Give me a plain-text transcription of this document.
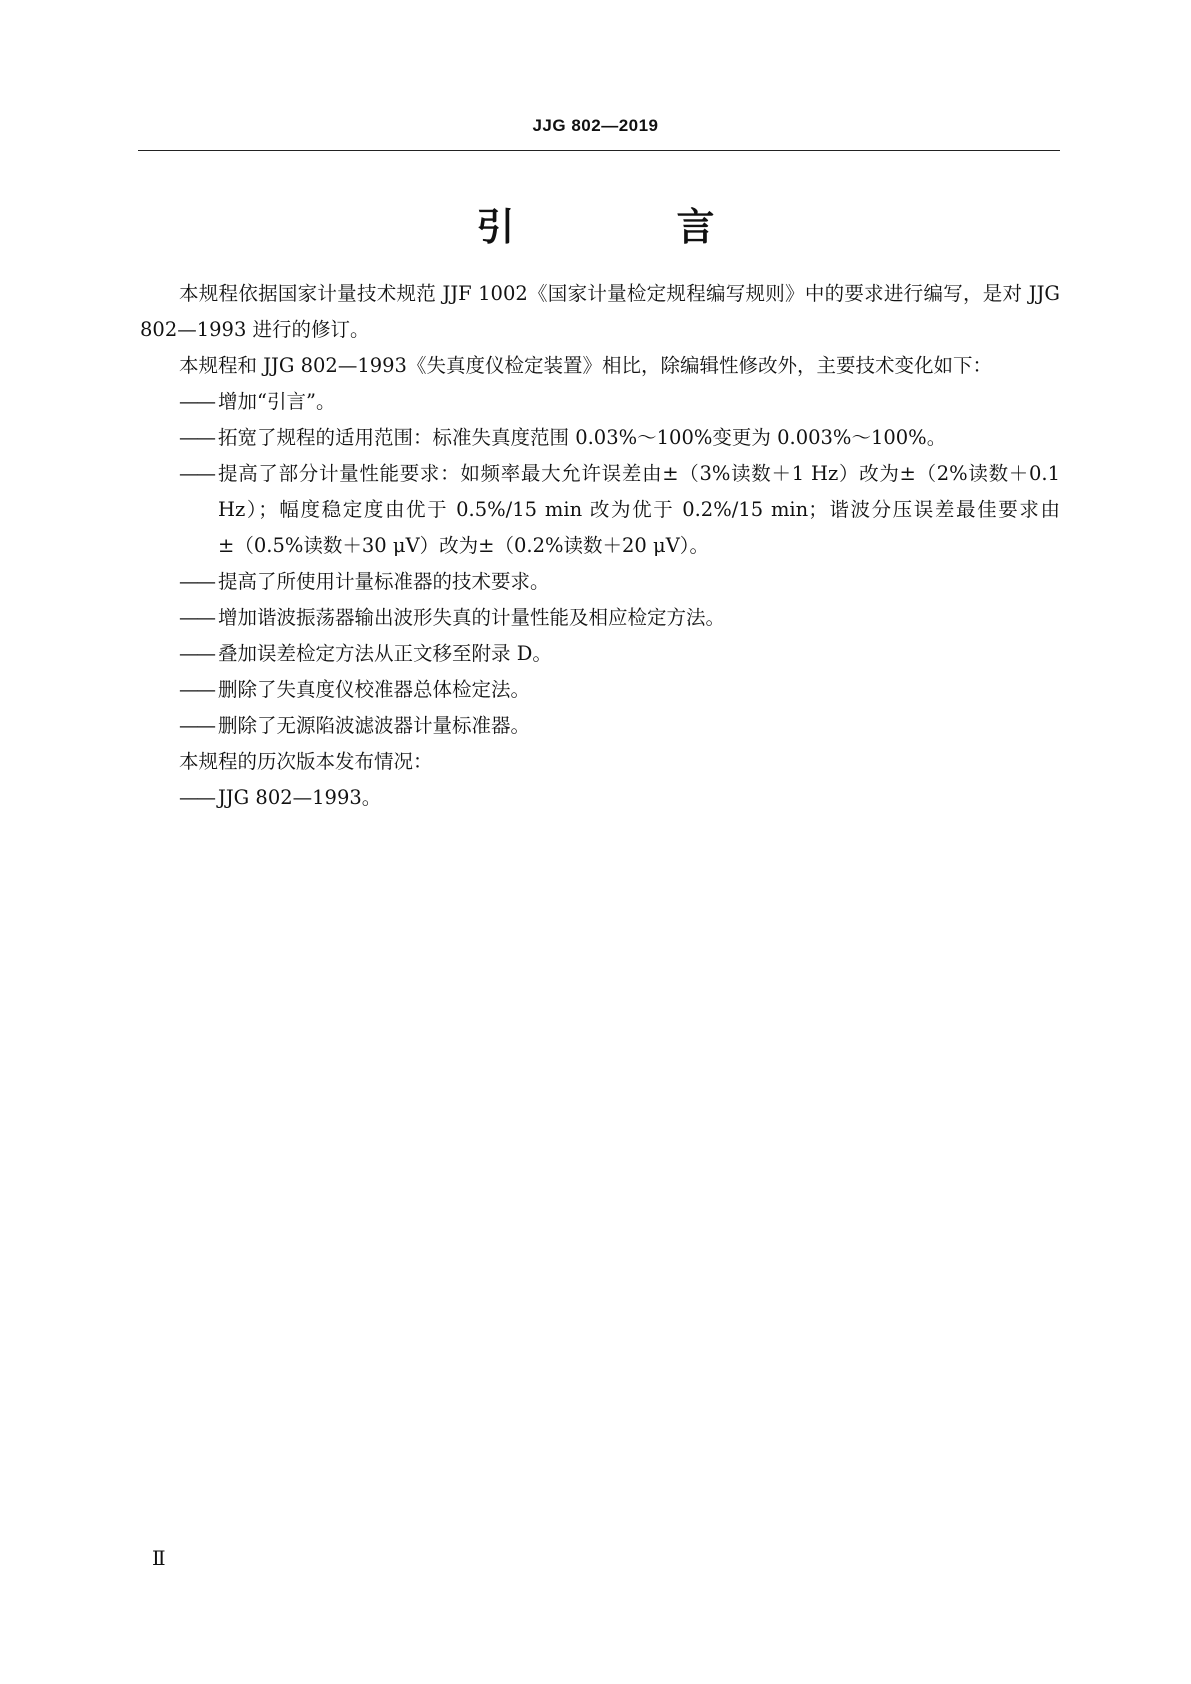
JJG 802—2019
引　言

本规程依据国家计量技术规范 JJF 1002《国家计量检定规程编写规则》中的要求进行编写，是对 JJG 802—1993 进行的修订。

本规程和 JJG 802—1993《失真度仪检定装置》相比，除编辑性修改外，主要技术变化如下：

—— 增加“引言”。
—— 拓宽了规程的适用范围：标准失真度范围 0.03%～100%变更为 0.003%～100%。
—— 提高了部分计量性能要求：如频率最大允许误差由±（3%读数＋1 Hz）改为±（2%读数＋0.1 Hz）；幅度稳定度由优于 0.5%/15 min 改为优于 0.2%/15 min；谐波分压误差最佳要求由±（0.5%读数＋30 μV）改为±（0.2%读数＋20 μV）。
—— 提高了所使用计量标准器的技术要求。
—— 增加谐波振荡器输出波形失真的计量性能及相应检定方法。
—— 叠加误差检定方法从正文移至附录 D。
—— 删除了失真度仪校准器总体检定法。
—— 删除了无源陷波滤波器计量标准器。

本规程的历次版本发布情况：

—— JJG 802—1993。
Ⅱ
